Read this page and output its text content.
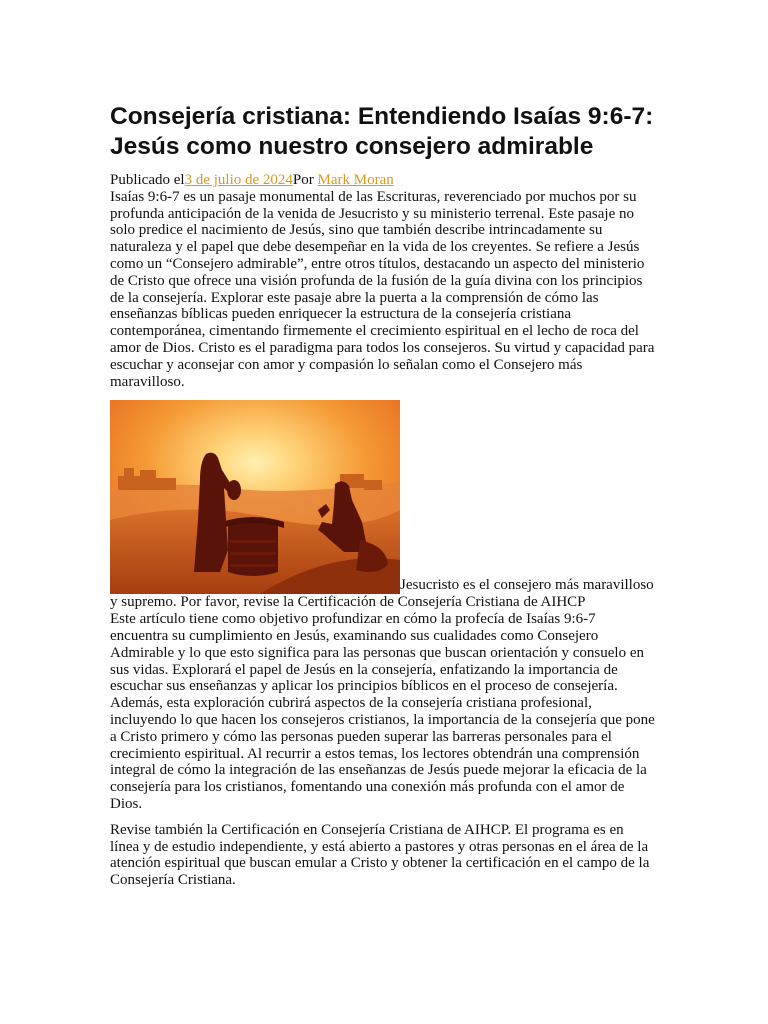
Consejería cristiana: Entendiendo Isaías 9:6-7: Jesús como nuestro consejero admirable

Publicado el3 de julio de 2024Por Mark Moran

Isaías 9:6-7 es un pasaje monumental de las Escrituras, reverenciado por muchos por su profunda anticipación de la venida de Jesucristo y su ministerio terrenal. Este pasaje no solo predice el nacimiento de Jesús, sino que también describe intrincadamente su naturaleza y el papel que debe desempeñar en la vida de los creyentes. Se refiere a Jesús como un “Consejero admirable”, entre otros títulos, destacando un aspecto del ministerio de Cristo que ofrece una visión profunda de la fusión de la guía divina con los principios de la consejería. Explorar este pasaje abre la puerta a la comprensión de cómo las enseñanzas bíblicas pueden enriquecer la estructura de la consejería cristiana contemporánea, cimentando firmemente el crecimiento espiritual en el lecho de roca del amor de Dios. Cristo es el paradigma para todos los consejeros. Su virtud y capacidad para escuchar y aconsejar con amor y compasión lo señalan como el Consejero más maravilloso.

Jesucristo es el consejero más maravilloso y supremo. Por favor, revise la Certificación de Consejería Cristiana de AIHCP

Este artículo tiene como objetivo profundizar en cómo la profecía de Isaías 9:6-7 encuentra su cumplimiento en Jesús, examinando sus cualidades como Consejero Admirable y lo que esto significa para las personas que buscan orientación y consuelo en sus vidas. Explorará el papel de Jesús en la consejería, enfatizando la importancia de escuchar sus enseñanzas y aplicar los principios bíblicos en el proceso de consejería. Además, esta exploración cubrirá aspectos de la consejería cristiana profesional, incluyendo lo que hacen los consejeros cristianos, la importancia de la consejería que pone a Cristo primero y cómo las personas pueden superar las barreras personales para el crecimiento espiritual. Al recurrir a estos temas, los lectores obtendrán una comprensión integral de cómo la integración de las enseñanzas de Jesús puede mejorar la eficacia de la consejería para los cristianos, fomentando una conexión más profunda con el amor de Dios.

Revise también la Certificación en Consejería Cristiana de AIHCP. El programa es en línea y de estudio independiente, y está abierto a pastores y otras personas en el área de la atención espiritual que buscan emular a Cristo y obtener la certificación en el campo de la Consejería Cristiana.
